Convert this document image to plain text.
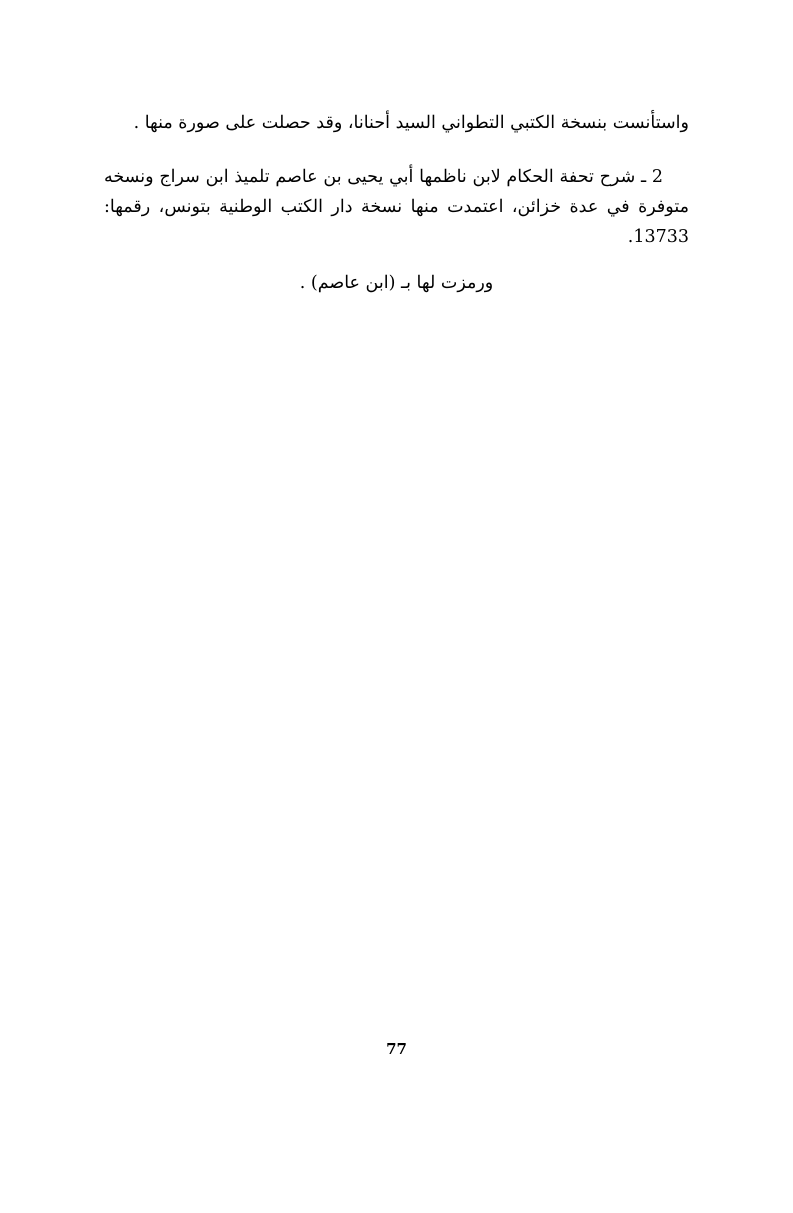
واستأنست بنسخة الكتبي التطواني السيد أحنانا، وقد حصلت على صورة منها .

2 ـ شرح تحفة الحكام لابن ناظمها أبي يحيى بن عاصم تلميذ ابن سراج ونسخه متوفرة في عدة خزائن، اعتمدت منها نسخة دار الكتب الوطنية بتونس، رقمها: 13733.

ورمزت لها بـ (ابن عاصم) .

77
